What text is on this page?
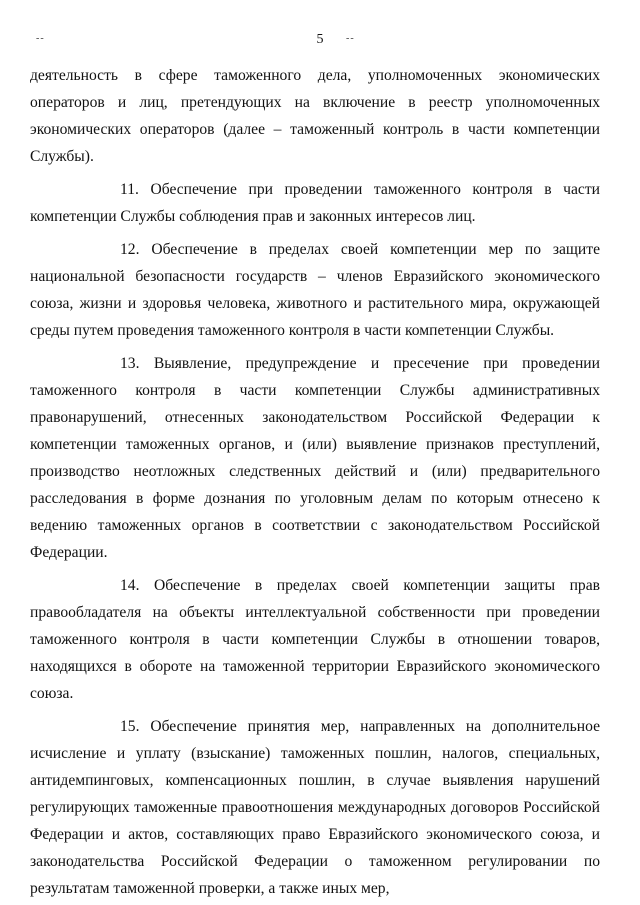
--	5	--

деятельность в сфере таможенного дела, уполномоченных экономических операторов и лиц, претендующих на включение в реестр уполномоченных экономических операторов (далее – таможенный контроль в части компетенции Службы).

11. Обеспечение при проведении таможенного контроля в части компетенции Службы соблюдения прав и законных интересов лиц.

12. Обеспечение в пределах своей компетенции мер по защите национальной безопасности государств – членов Евразийского экономического союза, жизни и здоровья человека, животного и растительного мира, окружающей среды путем проведения таможенного контроля в части компетенции Службы.

13. Выявление, предупреждение и пресечение при проведении таможенного контроля в части компетенции Службы административных правонарушений, отнесенных законодательством Российской Федерации к компетенции таможенных органов, и (или) выявление признаков преступлений, производство неотложных следственных действий и (или) предварительного расследования в форме дознания по уголовным делам по которым отнесено к ведению таможенных органов в соответствии с законодательством Российской Федерации.

14. Обеспечение в пределах своей компетенции защиты прав правообладателя на объекты интеллектуальной собственности при проведении таможенного контроля в части компетенции Службы в отношении товаров, находящихся в обороте на таможенной территории Евразийского экономического союза.

15. Обеспечение принятия мер, направленных на дополнительное исчисление и уплату (взыскание) таможенных пошлин, налогов, специальных, антидемпинговых, компенсационных пошлин, в случае выявления нарушений регулирующих таможенные правоотношения международных договоров Российской Федерации и актов, составляющих право Евразийского экономического союза, и законодательства Российской Федерации о таможенном регулировании по результатам таможенной проверки, а также иных мер,
